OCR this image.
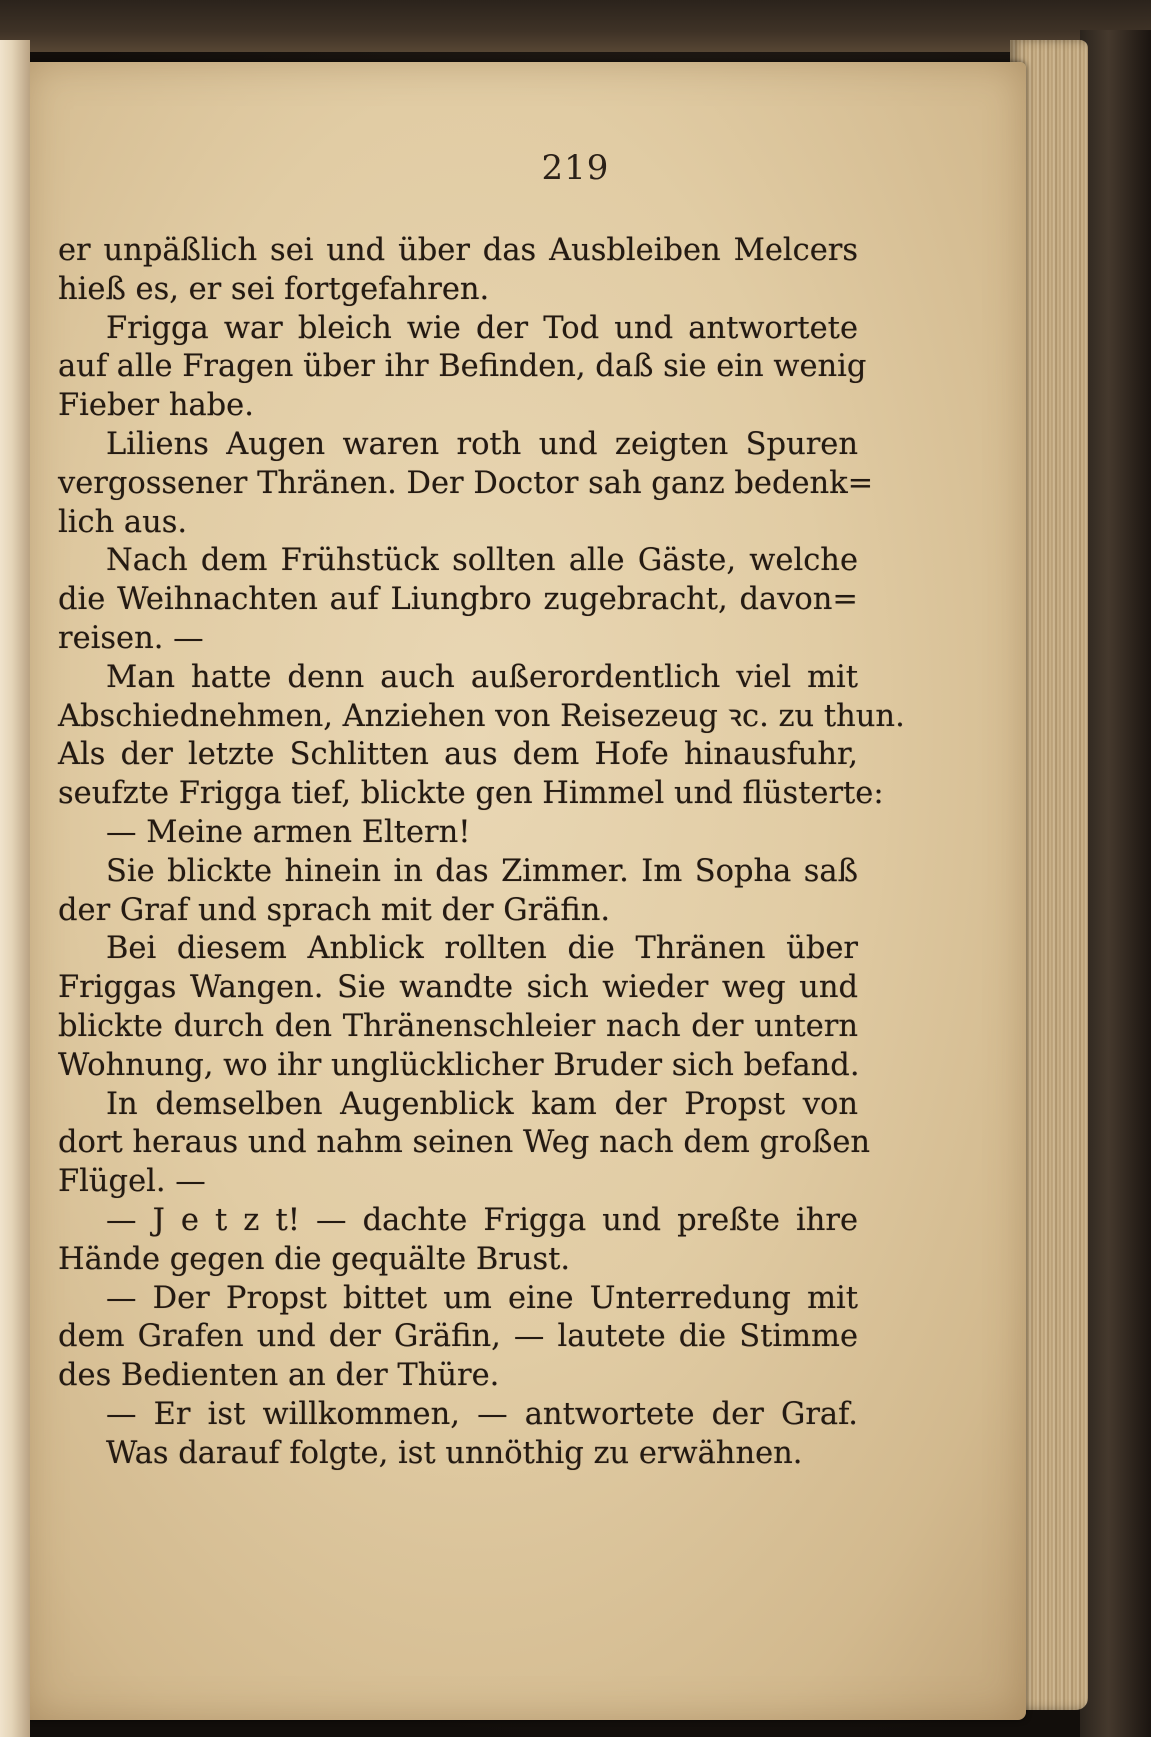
219
er unpäßlich sei und über das Ausbleiben Melcers
hieß es, er sei fortgefahren.
Frigga war bleich wie der Tod und antwortete
auf alle Fragen über ihr Befinden, daß sie ein wenig
Fieber habe.
Liliens Augen waren roth und zeigten Spuren
vergossener Thränen. Der Doctor sah ganz bedenk=
lich aus.
Nach dem Frühstück sollten alle Gäste, welche
die Weihnachten auf Liungbro zugebracht, davon=
reisen. —
Man hatte denn auch außerordentlich viel mit
Abschiednehmen, Anziehen von Reisezeug ꝛc. zu thun.
Als der letzte Schlitten aus dem Hofe hinausfuhr,
seufzte Frigga tief, blickte gen Himmel und flüsterte:
— Meine armen Eltern!
Sie blickte hinein in das Zimmer. Im Sopha saß
der Graf und sprach mit der Gräfin.
Bei diesem Anblick rollten die Thränen über
Friggas Wangen. Sie wandte sich wieder weg und
blickte durch den Thränenschleier nach der untern
Wohnung, wo ihr unglücklicher Bruder sich befand.
In demselben Augenblick kam der Propst von
dort heraus und nahm seinen Weg nach dem großen
Flügel. —
— J e t z t! — dachte Frigga und preßte ihre
Hände gegen die gequälte Brust.
— Der Propst bittet um eine Unterredung mit
dem Grafen und der Gräfin, — lautete die Stimme
des Bedienten an der Thüre.
— Er ist willkommen, — antwortete der Graf.
Was darauf folgte, ist unnöthig zu erwähnen.
